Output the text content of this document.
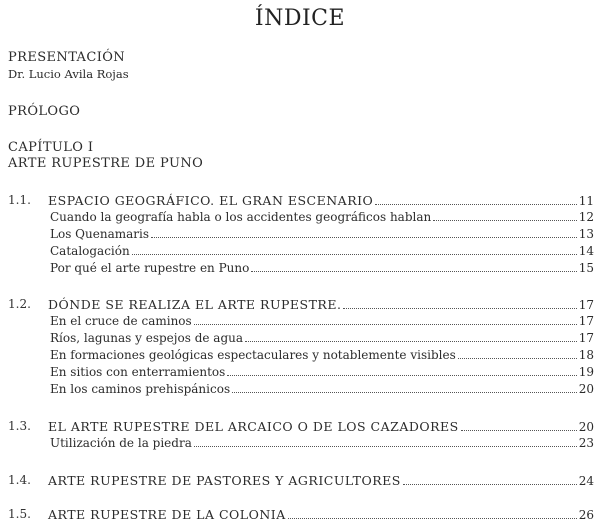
ÍNDICE
PRESENTACIÓN
Dr. Lucio Avila Rojas
PRÓLOGO
CAPÍTULO I
ARTE RUPESTRE DE PUNO
1.1. ESPACIO GEOGRÁFICO. EL GRAN ESCENARIO	11
Cuando la geografía habla o los accidentes geográficos hablan	12
Los Quenamaris	13
Catalogación	14
Por qué el arte rupestre en Puno	15
1.2. DÓNDE SE REALIZA EL ARTE RUPESTRE.	17
En el cruce de caminos	17
Ríos, lagunas y espejos de agua	17
En formaciones geológicas espectaculares y notablemente visibles	18
En sitios con enterramientos	19
En los caminos prehispánicos	20
1.3. EL ARTE RUPESTRE DEL ARCAICO O DE LOS CAZADORES	20
Utilización de la piedra	23
1.4. ARTE RUPESTRE DE PASTORES Y AGRICULTORES	24
1.5. ARTE RUPESTRE DE LA COLONIA	26
